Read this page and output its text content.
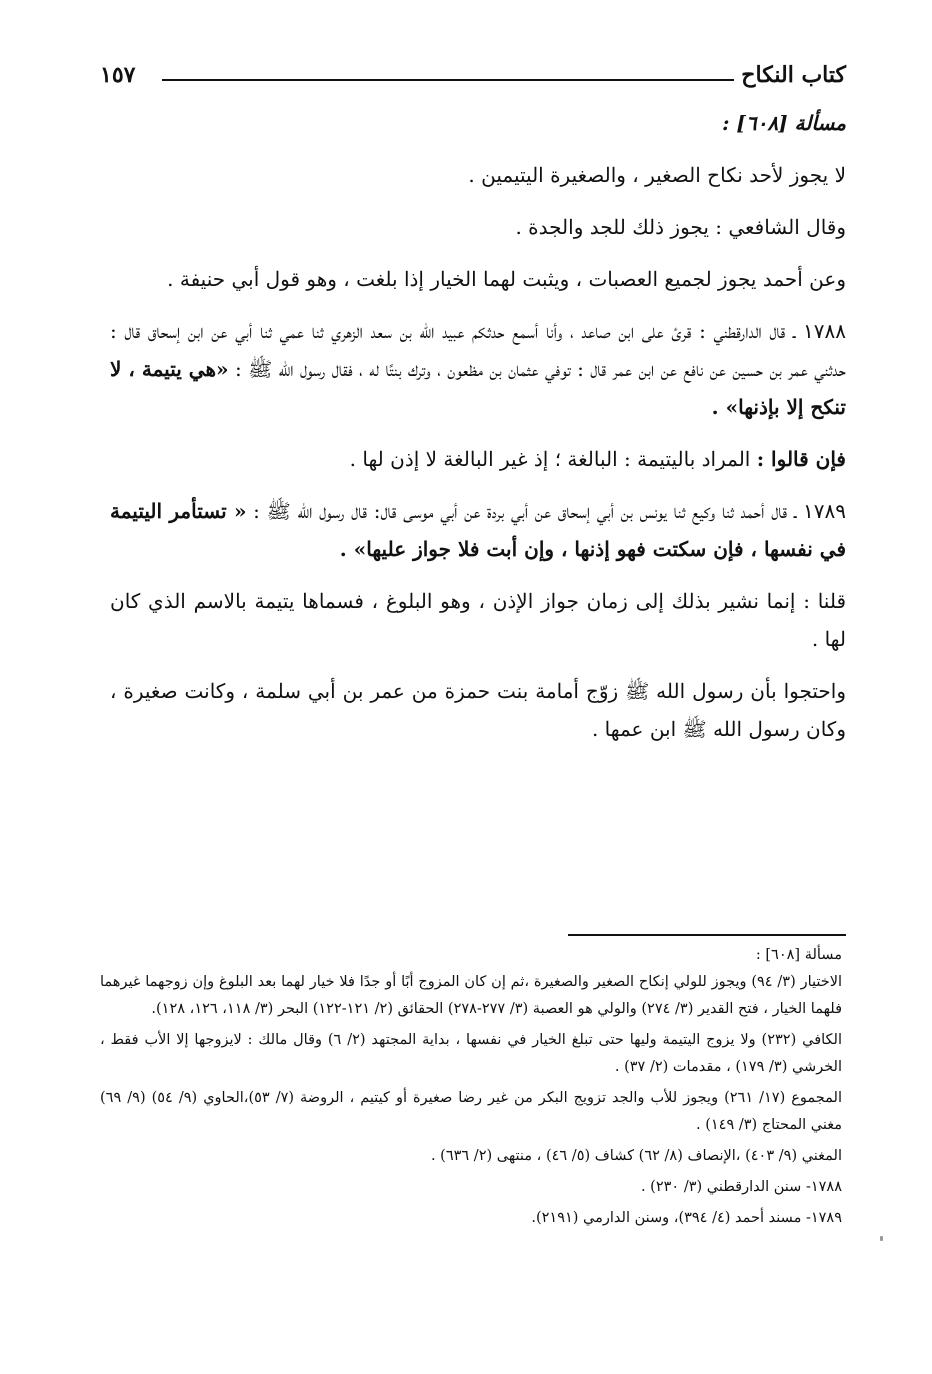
كتاب النكاح
١٥٧

مسألة [٦٠٨] :

لا يجوز لأحد نكاح الصغير ، والصغيرة اليتيمين .

وقال الشافعي : يجوز ذلك للجد والجدة .

وعن أحمد يجوز لجميع العصبات ، ويثبت لهما الخيار إذا بلغت ، وهو قول أبي حنيفة .

١٧٨٨ ـ قال الدارقطني : قرئ على ابن صاعد ، وأنا أسمع حدثكم عبيد الله بن سعد الزهري ثنا عمي ثنا أبي عن ابن إسحاق قال : حدثني عمر بن حسين عن نافع عن ابن عمر قال : توفي عثمان بن مظعون ، وترك بنتًا له ، فقال رسول الله ﷺ : «هي يتيمة ، لا تنكح إلا بإذنها» .

فإن قالوا : المراد باليتيمة : البالغة ؛ إذ غير البالغة لا إذن لها .

١٧٨٩ ـ قال أحمد ثنا وكيع ثنا يونس بن أبي إسحاق عن أبي بردة عن أبي موسى قال: قال رسول الله ﷺ : « تستأمر اليتيمة في نفسها ، فإن سكتت فهو إذنها ، وإن أبت فلا جواز عليها» .

قلنا : إنما نشير بذلك إلى زمان جواز الإذن ، وهو البلوغ ، فسماها يتيمة بالاسم الذي كان لها .

واحتجوا بأن رسول الله ﷺ زوّج أمامة بنت حمزة من عمر بن أبي سلمة ، وكانت صغيرة ، وكان رسول الله ﷺ ابن عمها .

مسألة [٦٠٨] :

الاختيار (٣/ ٩٤) ويجوز للولي إنكاح الصغير والصغيرة ،ثم إن كان المزوج أبًا أو جدًا فلا خيار لهما بعد البلوغ وإن زوجهما غيرهما فلهما الخيار ، فتح القدير (٣/ ٢٧٤) والولي هو العصبة (٣/ ٢٧٧-٢٧٨) الحقائق (٢/ ١٢١-١٢٢) البحر (٣/ ١١٨، ١٢٦، ١٢٨).

الكافي (٢٣٢) ولا يزوج اليتيمة وليها حتى تبلغ الخيار في نفسها ، بداية المجتهد (٢/ ٦) وقال مالك : لايزوجها إلا الأب فقط ، الخرشي (٣/ ١٧٩) ، مقدمات (٢/ ٣٧) .

المجموع (١٧/ ٢٦١) ويجوز للأب والجد تزويج البكر من غير رضا صغيرة أو كيتيم ، الروضة (٧/ ٥٣)،الحاوي (٩/ ٥٤) (٩/ ٦٩) مغني المحتاج (٣/ ١٤٩) .

المغني (٩/ ٤٠٣) ،الإنصاف (٨/ ٦٢) كشاف (٥/ ٤٦) ، منتهى (٢/ ٦٣٦) .

١٧٨٨- سنن الدارقطني (٣/ ٢٣٠) .

١٧٨٩- مسند أحمد (٤/ ٣٩٤)، وسنن الدارمي (٢١٩١).
